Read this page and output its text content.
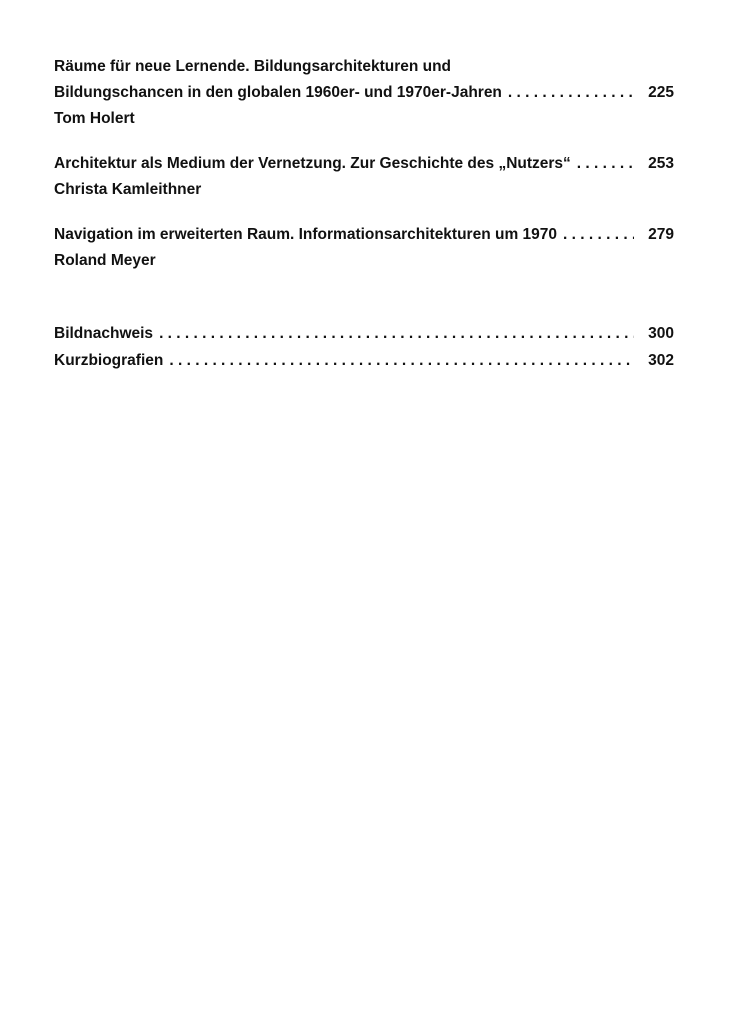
Räume für neue Lernende. Bildungsarchitekturen und
Bildungschancen in den globalen 1960er- und 1970er-Jahren . . .	225
Tom Holert
Architektur als Medium der Vernetzung. Zur Geschichte des „Nutzers“ . . .	253
Christa Kamleithner
Navigation im erweiterten Raum. Informationsarchitekturen um 1970 . . .	279
Roland Meyer
Bildnachweis . . .	300
Kurzbiografien . . .	302
